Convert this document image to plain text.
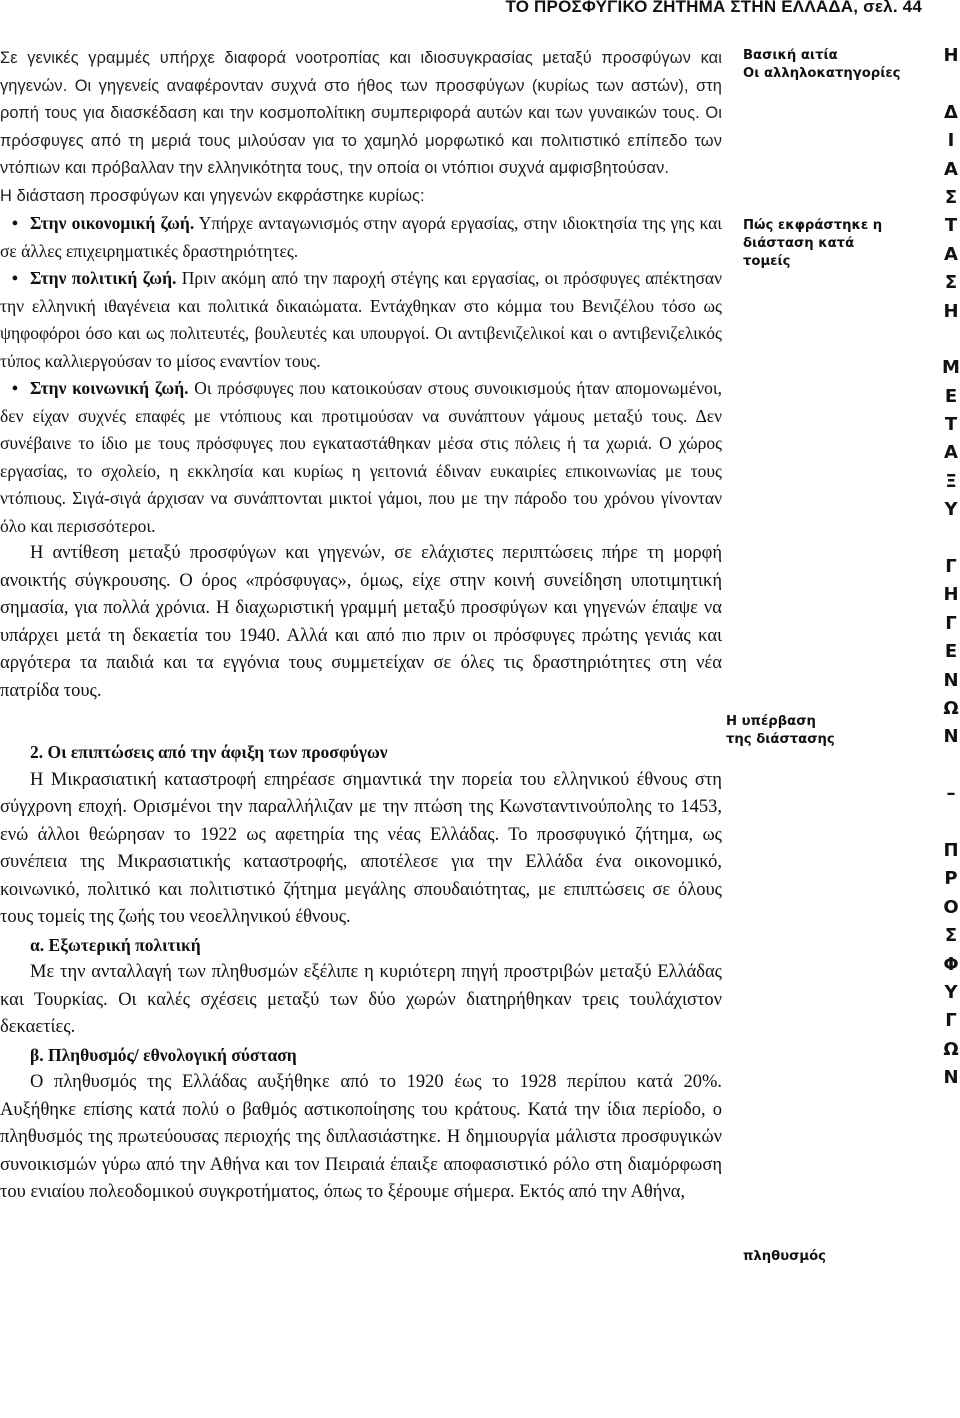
ΤΟ ΠΡΟΣΦΥΓΙΚΟ ΖΗΤΗΜΑ ΣΤΗΝ ΕΛΛΑΔΑ, σελ. 44

Σε γενικές γραμμές υπήρχε διαφορά νοοτροπίας και ιδιοσυγκρασίας μεταξύ προσφύγων και γηγενών. Οι γηγενείς αναφέρονταν συχνά στο ήθος των προσφύγων (κυρίως των αστών), στη ροπή τους για διασκέδαση και την κοσμοπολίτικη συμπεριφορά αυτών και των γυναικών τους. Οι πρόσφυγες από τη μεριά τους μιλούσαν για το χαμηλό μορφωτικό και πολιτιστικό επίπεδο των ντόπιων και πρόβαλλαν την ελληνικότητα τους, την οποία οι ντόπιοι συχνά αμφισβητούσαν.

Η διάσταση προσφύγων και γηγενών εκφράστηκε κυρίως:

• Στην οικονομική ζωή. Υπήρχε ανταγωνισμός στην αγορά εργασίας, στην ιδιοκτησία της γης και σε άλλες επιχειρηματικές δραστηριότητες.

• Στην πολιτική ζωή. Πριν ακόμη από την παροχή στέγης και εργασίας, οι πρόσφυγες απέκτησαν την ελληνική ιθαγένεια και πολιτικά δικαιώματα. Εντάχθηκαν στο κόμμα του Βενιζέλου τόσο ως ψηφοφόροι όσο και ως πολιτευτές, βουλευτές και υπουργοί. Οι αντιβενιζελικοί και ο αντιβενιζελικός τύπος καλλιεργούσαν το μίσος εναντίον τους.

• Στην κοινωνική ζωή. Οι πρόσφυγες που κατοικούσαν στους συνοικισμούς ήταν απομονωμένοι, δεν είχαν συχνές επαφές με ντόπιους και προτιμούσαν να συνάπτουν γάμους μεταξύ τους. Δεν συνέβαινε το ίδιο με τους πρόσφυγες που εγκαταστάθηκαν μέσα στις πόλεις ή τα χωριά. Ο χώρος εργασίας, το σχολείο, η εκκλησία και κυρίως η γειτονιά έδιναν ευκαιρίες επικοινωνίας με τους ντόπιους. Σιγά-σιγά άρχισαν να συνάπτονται μικτοί γάμοι, που με την πάροδο του χρόνου γίνονταν όλο και περισσότεροι.

Η αντίθεση μεταξύ προσφύγων και γηγενών, σε ελάχιστες περιπτώσεις πήρε τη μορφή ανοικτής σύγκρουσης. Ο όρος «πρόσφυγας», όμως, είχε στην κοινή συνείδηση υποτιμητική σημασία, για πολλά χρόνια. Η διαχωριστική γραμμή μεταξύ προσφύγων και γηγενών έπαψε να υπάρχει μετά τη δεκαετία του 1940. Αλλά και από πιο πριν οι πρόσφυγες πρώτης γενιάς και αργότερα τα παιδιά και τα εγγόνια τους συμμετείχαν σε όλες τις δραστηριότητες στη νέα πατρίδα τους.

2. Οι επιπτώσεις από την άφιξη των προσφύγων

Η Μικρασιατική καταστροφή επηρέασε σημαντικά την πορεία του ελληνικού έθνους στη σύγχρονη εποχή. Ορισμένοι την παραλλήλιζαν με την πτώση της Κωνσταντινούπολης το 1453, ενώ άλλοι θεώρησαν το 1922 ως αφετηρία της νέας Ελλάδας. Το προσφυγικό ζήτημα, ως συνέπεια της Μικρασιατικής καταστροφής, αποτέλεσε για την Ελλάδα ένα οικονομικό, κοινωνικό, πολιτικό και πολιτιστικό ζήτημα μεγάλης σπουδαιότητας, με επιπτώσεις σε όλους τους τομείς της ζωής του νεοελληνικού έθνους.

α. Εξωτερική πολιτική

Με την ανταλλαγή των πληθυσμών εξέλιπε η κυριότερη πηγή προστριβών μεταξύ Ελλάδας και Τουρκίας. Οι καλές σχέσεις μεταξύ των δύο χωρών διατηρήθηκαν τρεις τουλάχιστον δεκαετίες.

β. Πληθυσμός/ εθνολογική σύσταση

Ο πληθυσμός της Ελλάδας αυξήθηκε από το 1920 έως το 1928 περίπου κατά 20%. Αυξήθηκε επίσης κατά πολύ ο βαθμός αστικοποίησης του κράτους. Κατά την ίδια περίοδο, ο πληθυσμός της πρωτεύουσας περιοχής της διπλασιάστηκε. Η δημιουργία μάλιστα προσφυγικών συνοικισμών γύρω από την Αθήνα και τον Πειραιά έπαιξε αποφασιστικό ρόλο στη διαμόρφωση του ενιαίου πολεοδομικού συγκροτήματος, όπως το ξέρουμε σήμερα. Εκτός από την Αθήνα,

Βασική αιτία
Οι αλληλοκατηγορίες
Πώς εκφράστηκε η διάσταση κατά τομείς
Η υπέρβαση της διάστασης
πληθυσμός
Η
Δ
Ι
Α
Σ
Τ
Α
Σ
Η
Μ
Ε
Τ
Α
Ξ
Υ
Γ
Η
Γ
Ε
Ν
Ω
Ν
–
Π
Ρ
Ο
Σ
Φ
Υ
Γ
Ω
Ν
